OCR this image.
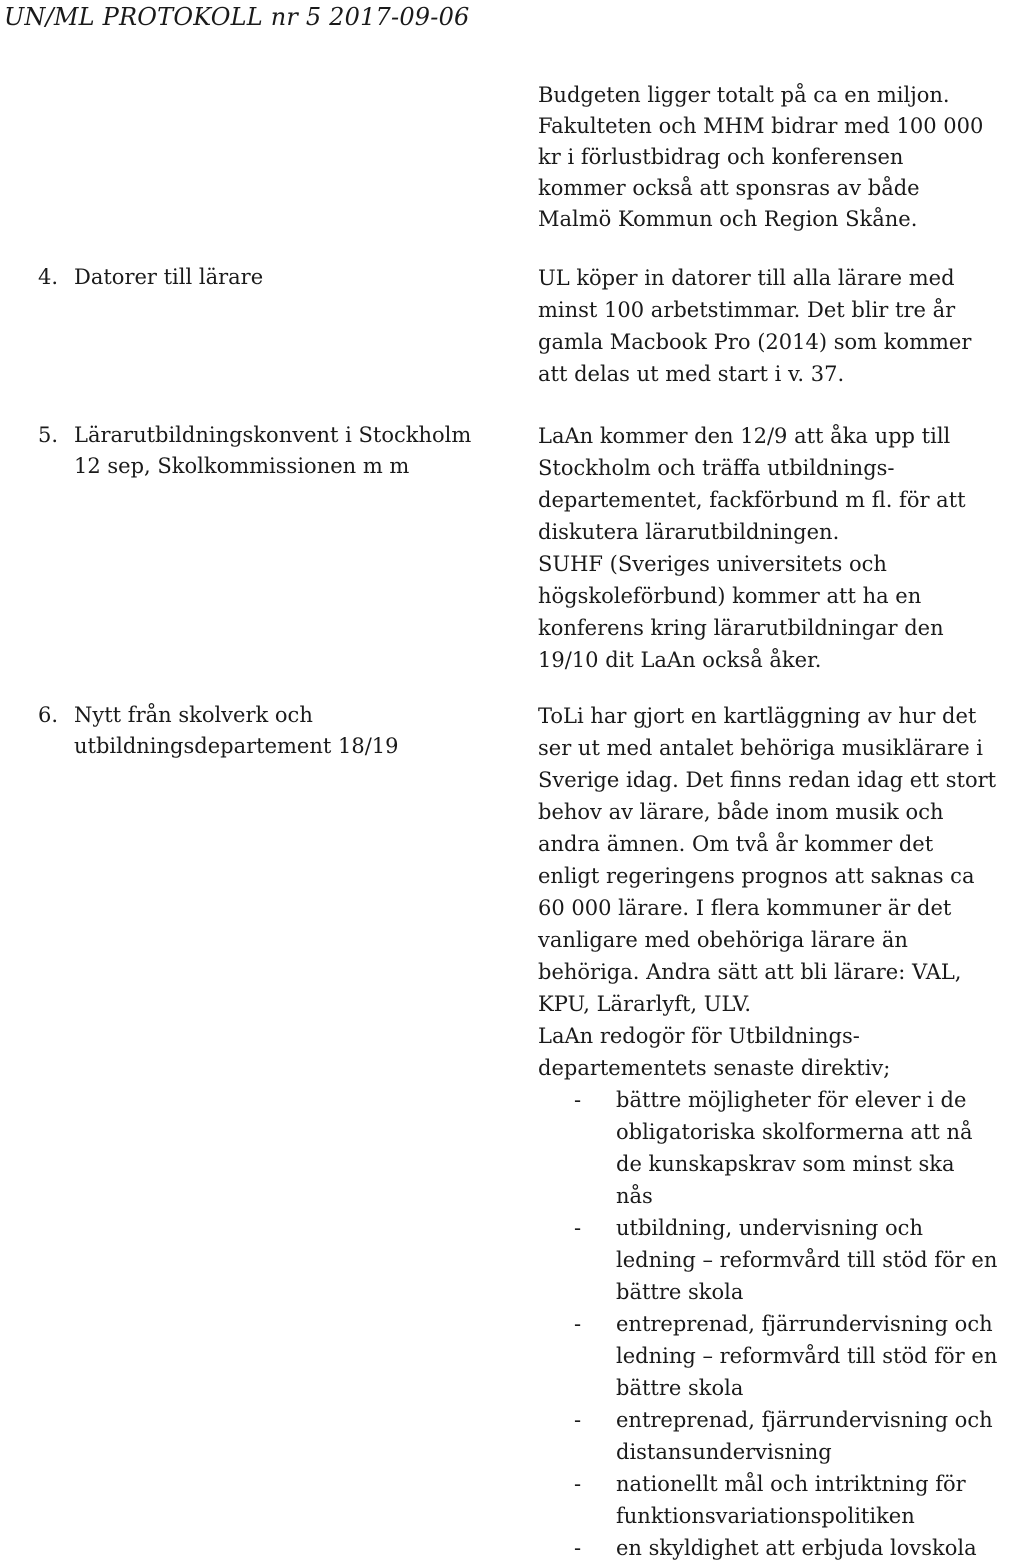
UN/ML PROTOKOLL nr 5 2017-09-06
Budgeten ligger totalt på ca en miljon.
Fakulteten och MHM bidrar med 100 000
kr i förlustbidrag och konferensen
kommer också att sponsras av både
Malmö Kommun och Region Skåne.
4. Datorer till lärare	UL köper in datorer till alla lärare med
minst 100 arbetstimmar. Det blir tre år
gamla Macbook Pro (2014) som kommer
att delas ut med start i v. 37.
5. Lärarutbildningskonvent i Stockholm
12 sep, Skolkommissionen m m
LaAn kommer den 12/9 att åka upp till
Stockholm och träffa utbildnings-
departementet, fackförbund m fl. för att
diskutera lärarutbildningen.
SUHF (Sveriges universitets och
högskoleförbund) kommer att ha en
konferens kring lärarutbildningar den
19/10 dit LaAn också åker.
6. Nytt från skolverk och
utbildningsdepartement 18/19
ToLi har gjort en kartläggning av hur det
ser ut med antalet behöriga musiklärare i
Sverige idag. Det finns redan idag ett stort
behov av lärare, både inom musik och
andra ämnen. Om två år kommer det
enligt regeringens prognos att saknas ca
60 000 lärare. I flera kommuner är det
vanligare med obehöriga lärare än
behöriga. Andra sätt att bli lärare: VAL,
KPU, Lärarlyft, ULV.
LaAn redogör för Utbildnings-
departementets senaste direktiv;
- bättre möjligheter för elever i de
obligatoriska skolformerna att nå
de kunskapskrav som minst ska
nås
- utbildning, undervisning och
ledning – reformvård till stöd för en
bättre skola
- entreprenad, fjärrundervisning och
ledning – reformvård till stöd för en
bättre skola
- entreprenad, fjärrundervisning och
distansundervisning
- nationellt mål och intriktning för
funktionsvariationspolitiken
- en skyldighet att erbjuda lovskola
